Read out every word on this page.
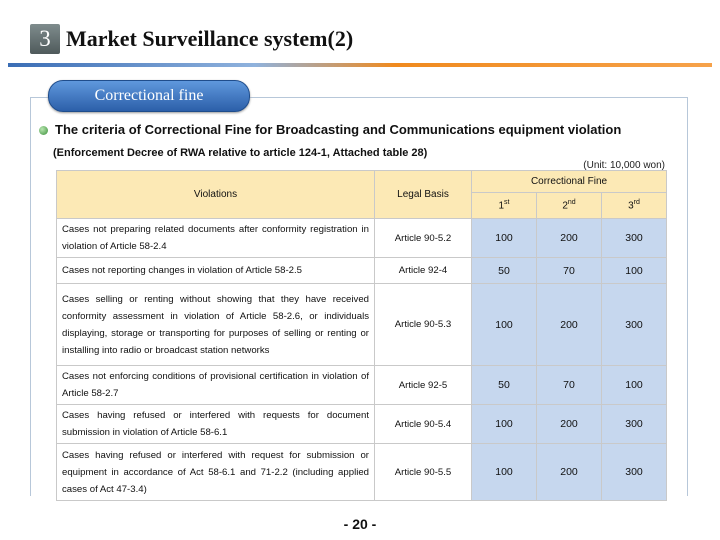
3 Market Surveillance system(2)
Correctional fine
The criteria of Correctional Fine for Broadcasting and Communications equipment violation
(Enforcement Decree of RWA relative to article 124-1, Attached table 28)
(Unit: 10,000 won)
Violations	Legal Basis	Correctional Fine		
		1st	2nd	3rd
Cases not preparing related documents after conformity registration in violation of Article 58-2.4	Article 90-5.2	100	200	300
Cases not reporting changes in violation of Article 58-2.5	Article 92-4	50	70	100
Cases selling or renting without showing that they have received conformity assessment in violation of Article 58-2.6, or individuals displaying, storage or transporting for purposes of selling or renting or installing into radio or broadcast station networks	Article 90-5.3	100	200	300
Cases not enforcing conditions of provisional certification in violation of Article 58-2.7	Article 92-5	50	70	100
Cases having refused or interfered with requests for document submission in violation of Article 58-6.1	Article 90-5.4	100	200	300
Cases having refused or interfered with request for submission or equipment in accordance of Act 58-6.1 and 71-2.2 (including applied cases of Act 47-3.4)	Article 90-5.5	100	200	300
- 20 -
